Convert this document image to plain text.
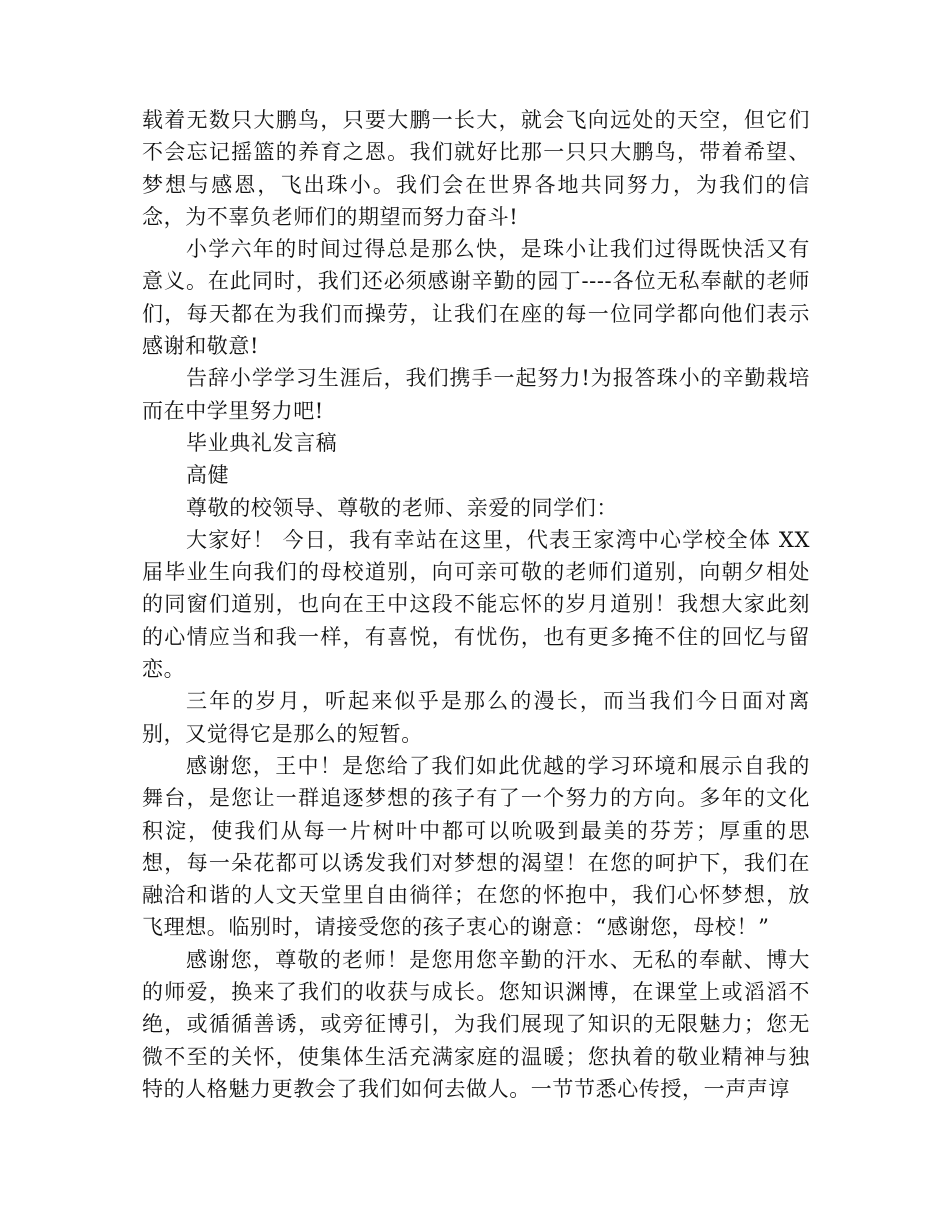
载着无数只大鹏鸟，只要大鹏一长大，就会飞向远处的天空，但它们不会忘记摇篮的养育之恩。我们就好比那一只只大鹏鸟，带着希望、梦想与感恩，飞出珠小。我们会在世界各地共同努力，为我们的信念，为不辜负老师们的期望而努力奋斗!

小学六年的时间过得总是那么快，是珠小让我们过得既快活又有意义。在此同时，我们还必须感谢辛勤的园丁----各位无私奉献的老师们，每天都在为我们而操劳，让我们在座的每一位同学都向他们表示感谢和敬意!

告辞小学学习生涯后，我们携手一起努力!为报答珠小的辛勤栽培而在中学里努力吧!

毕业典礼发言稿

高健

尊敬的校领导、尊敬的老师、亲爱的同学们：

大家好！ 今日，我有幸站在这里，代表王家湾中心学校全体 XX 届毕业生向我们的母校道别，向可亲可敬的老师们道别，向朝夕相处的同窗们道别，也向在王中这段不能忘怀的岁月道别！我想大家此刻的心情应当和我一样，有喜悦，有忧伤，也有更多掩不住的回忆与留恋。

三年的岁月，听起来似乎是那么的漫长，而当我们今日面对离别，又觉得它是那么的短暂。

感谢您，王中！是您给了我们如此优越的学习环境和展示自我的舞台，是您让一群追逐梦想的孩子有了一个努力的方向。多年的文化积淀，使我们从每一片树叶中都可以吮吸到最美的芬芳；厚重的思想，每一朵花都可以诱发我们对梦想的渴望！在您的呵护下，我们在融洽和谐的人文天堂里自由徜徉；在您的怀抱中，我们心怀梦想，放飞理想。临别时，请接受您的孩子衷心的谢意：“感谢您，母校！”

感谢您，尊敬的老师！是您用您辛勤的汗水、无私的奉献、博大的师爱，换来了我们的收获与成长。您知识渊博，在课堂上或滔滔不绝，或循循善诱，或旁征博引，为我们展现了知识的无限魅力；您无微不至的关怀，使集体生活充满家庭的温暖；您执着的敬业精神与独特的人格魅力更教会了我们如何去做人。一节节悉心传授，一声声谆
